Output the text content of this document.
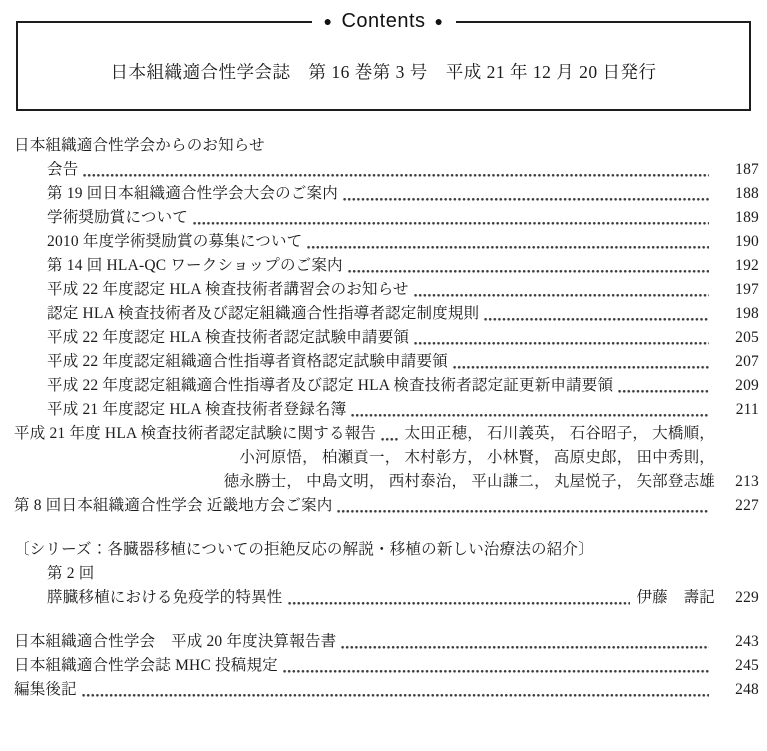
● Contents ●
日本組織適合性学会誌　第 16 巻第 3 号　平成 21 年 12 月 20 日発行
日本組織適合性学会からのお知らせ
会告	187
第 19 回日本組織適合性学会大会のご案内	188
学術奨励賞について	189
2010 年度学術奨励賞の募集について	190
第 14 回 HLA-QC ワークショップのご案内	192
平成 22 年度認定 HLA 検査技術者講習会のお知らせ	197
認定 HLA 検査技術者及び認定組織適合性指導者認定制度規則	198
平成 22 年度認定 HLA 検査技術者認定試験申請要領	205
平成 22 年度認定組織適合性指導者資格認定試験申請要領	207
平成 22 年度認定組織適合性指導者及び認定 HLA 検査技術者認定証更新申請要領	209
平成 21 年度認定 HLA 検査技術者登録名簿	211
平成 21 年度 HLA 検査技術者認定試験に関する報告 太田正穂， 石川義英， 石谷昭子， 大橋順，
小河原悟， 柏瀬貢一， 木村彰方， 小林賢， 高原史郎， 田中秀則，
徳永勝士， 中島文明， 西村泰治， 平山謙二， 丸屋悦子， 矢部登志雄	213
第 8 回日本組織適合性学会 近畿地方会ご案内	227
〔シリーズ：各臓器移植についての拒絶反応の解説・移植の新しい治療法の紹介〕
第 2 回
膵臓移植における免疫学的特異性	伊藤　壽記	229
日本組織適合性学会　平成 20 年度決算報告書	243
日本組織適合性学会誌 MHC 投稿規定	245
編集後記	248
